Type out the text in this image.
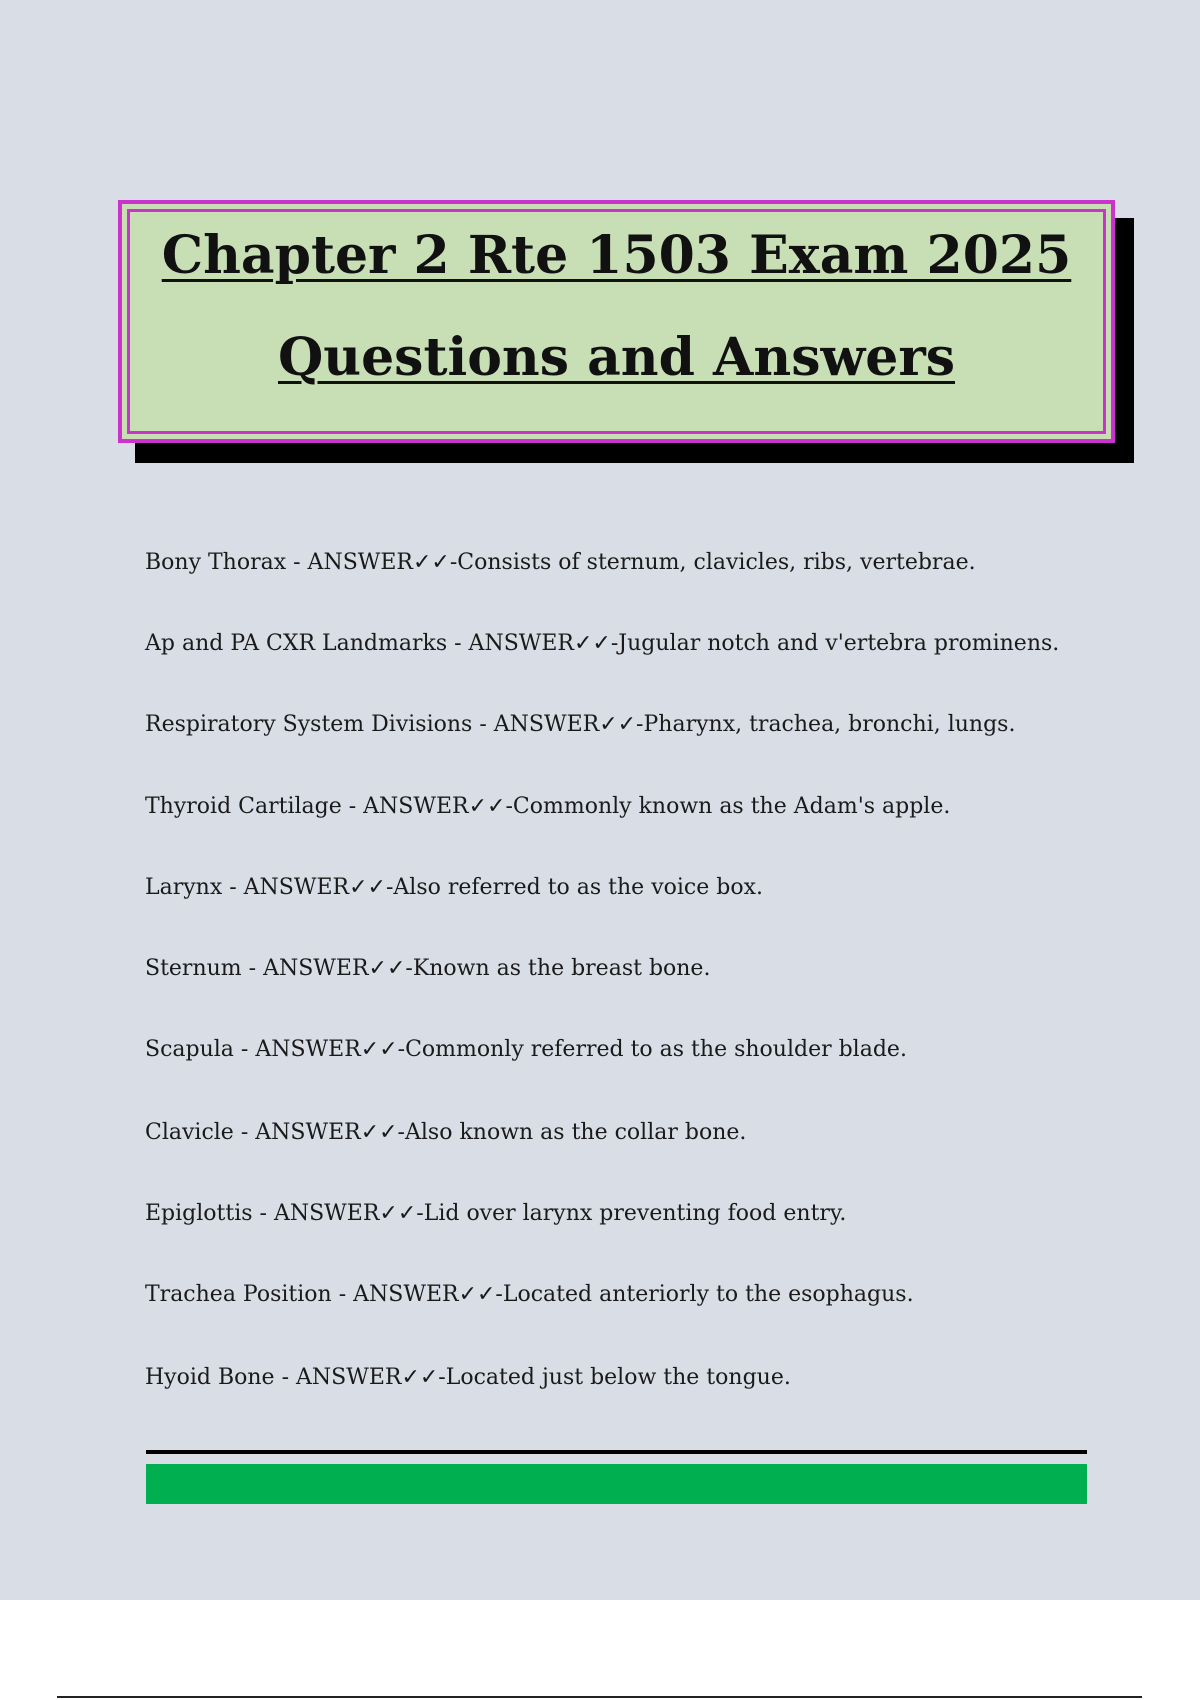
Chapter 2 Rte 1503 Exam 2025
Questions and Answers
Bony Thorax - ANSWER✓✓-Consists of sternum, clavicles, ribs, vertebrae.
Ap and PA CXR Landmarks - ANSWER✓✓-Jugular notch and v'ertebra prominens.
Respiratory System Divisions - ANSWER✓✓-Pharynx, trachea, bronchi, lungs.
Thyroid Cartilage - ANSWER✓✓-Commonly known as the Adam's apple.
Larynx - ANSWER✓✓-Also referred to as the voice box.
Sternum - ANSWER✓✓-Known as the breast bone.
Scapula - ANSWER✓✓-Commonly referred to as the shoulder blade.
Clavicle - ANSWER✓✓-Also known as the collar bone.
Epiglottis - ANSWER✓✓-Lid over larynx preventing food entry.
Trachea Position - ANSWER✓✓-Located anteriorly to the esophagus.
Hyoid Bone - ANSWER✓✓-Located just below the tongue.
